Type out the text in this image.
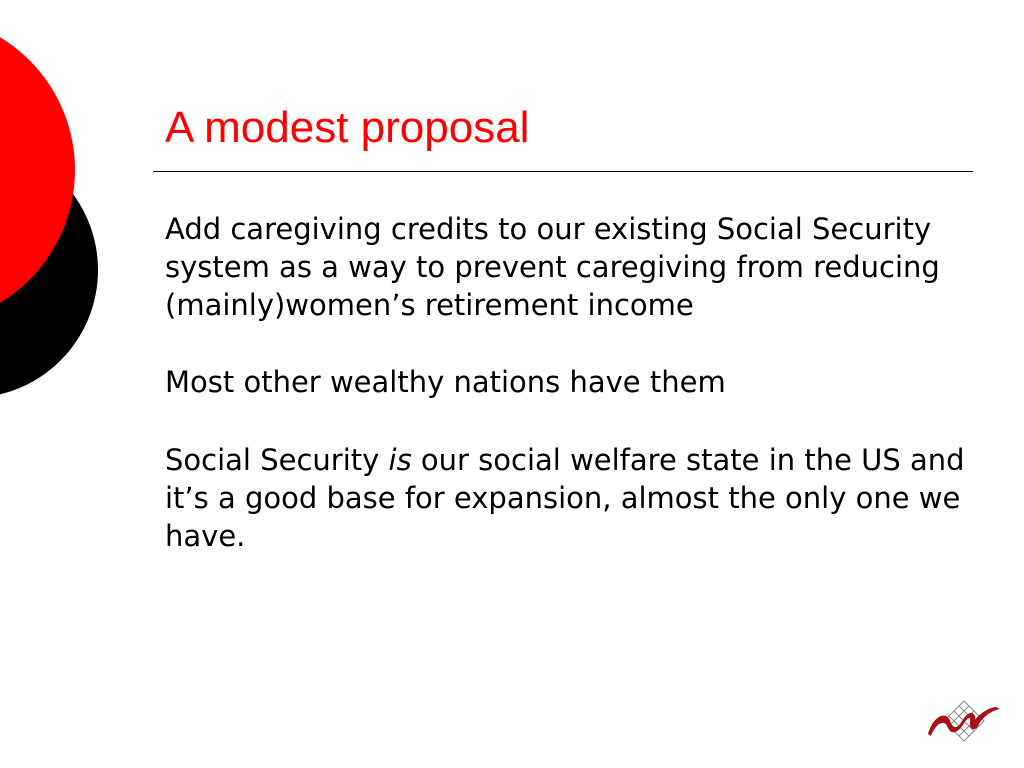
A modest proposal

Add caregiving credits to our existing Social Security system as a way to prevent caregiving from reducing (mainly)women’s retirement income

Most other wealthy nations have them

Social Security is our social welfare state in the US and it’s a good base for expansion, almost the only one we have.
